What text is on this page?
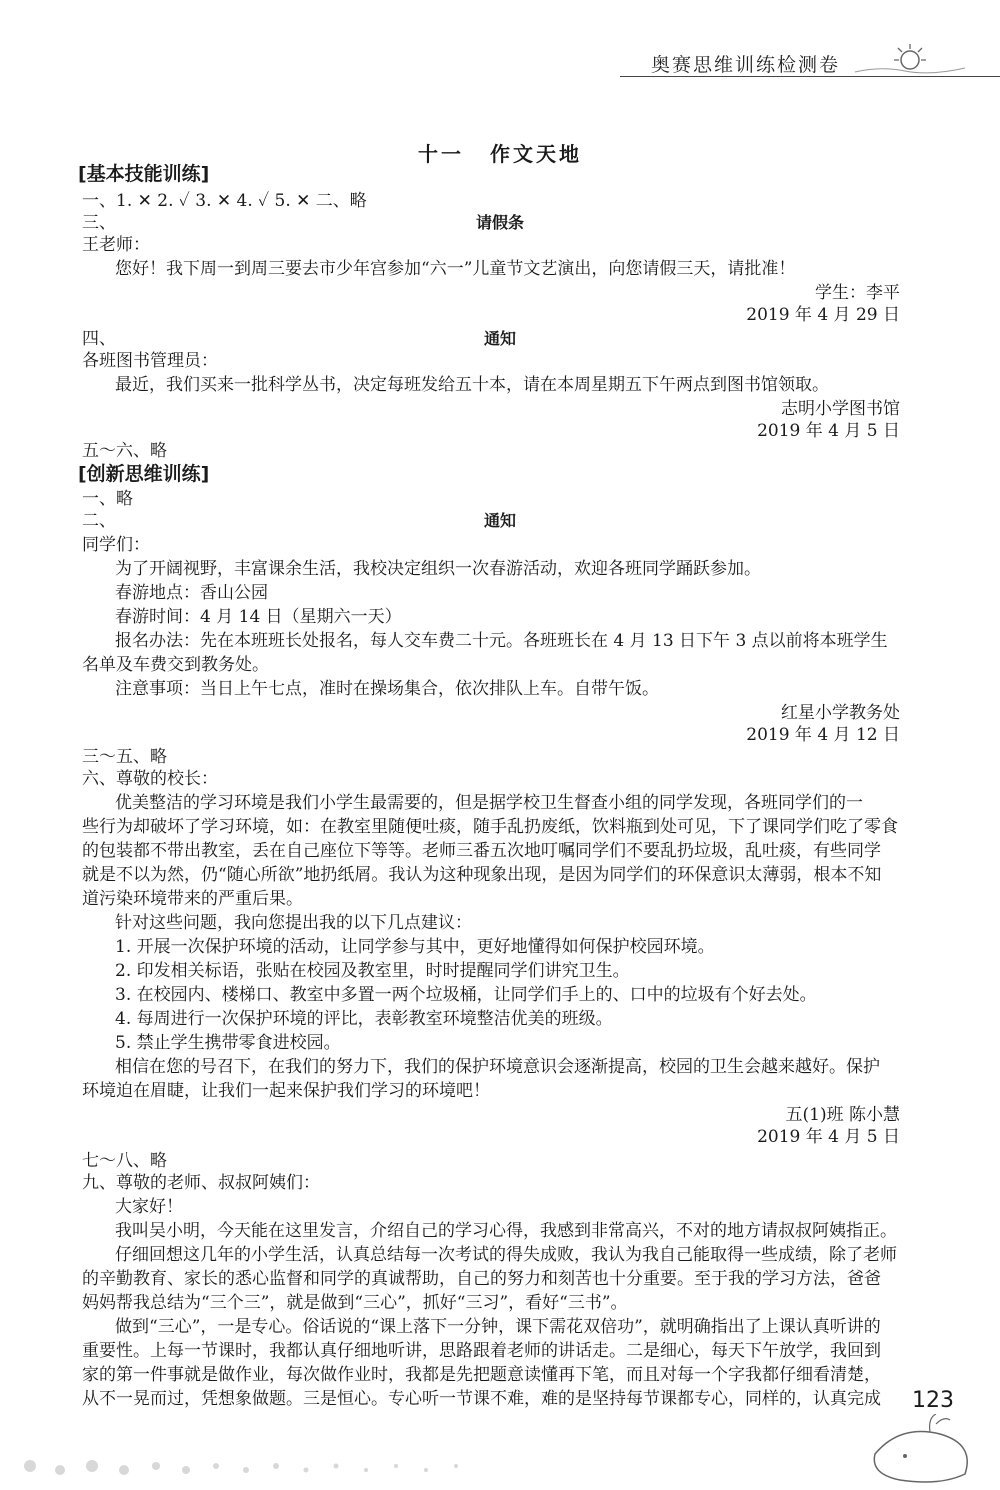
奥赛思维训练检测卷
十一 作文天地
[基本技能训练]
一、1. ✕ 2. ✓ 3. ✕ 4. ✓ 5. ✕ 二、略
三、	请假条
王老师：
您好！我下周一到周三要去市少年宫参加“六一”儿童节文艺演出，向您请假三天，请批准！
学生：李平
2019 年 4 月 29 日
四、	通知
各班图书管理员：
最近，我们买来一批科学丛书，决定每班发给五十本，请在本周星期五下午两点到图书馆领取。
志明小学图书馆
2019 年 4 月 5 日
五～六、略
[创新思维训练]
一、略
二、	通知
同学们：
为了开阔视野，丰富课余生活，我校决定组织一次春游活动，欢迎各班同学踊跃参加。
春游地点：香山公园
春游时间：4 月 14 日（星期六一天）
报名办法：先在本班班长处报名，每人交车费二十元。各班班长在 4 月 13 日下午 3 点以前将本班学生
名单及车费交到教务处。
注意事项：当日上午七点，准时在操场集合，依次排队上车。自带午饭。
红星小学教务处
2019 年 4 月 12 日
三～五、略
六、尊敬的校长：
优美整洁的学习环境是我们小学生最需要的，但是据学校卫生督查小组的同学发现，各班同学们的一
些行为却破坏了学习环境，如：在教室里随便吐痰，随手乱扔废纸，饮料瓶到处可见，下了课同学们吃了零食
的包装都不带出教室，丢在自己座位下等等。老师三番五次地叮嘱同学们不要乱扔垃圾，乱吐痰，有些同学
就是不以为然，仍“随心所欲”地扔纸屑。我认为这种现象出现，是因为同学们的环保意识太薄弱，根本不知
道污染环境带来的严重后果。
针对这些问题，我向您提出我的以下几点建议：
1. 开展一次保护环境的活动，让同学参与其中，更好地懂得如何保护校园环境。
2. 印发相关标语，张贴在校园及教室里，时时提醒同学们讲究卫生。
3. 在校园内、楼梯口、教室中多置一两个垃圾桶，让同学们手上的、口中的垃圾有个好去处。
4. 每周进行一次保护环境的评比，表彰教室环境整洁优美的班级。
5. 禁止学生携带零食进校园。
相信在您的号召下，在我们的努力下，我们的保护环境意识会逐渐提高，校园的卫生会越来越好。保护
环境迫在眉睫，让我们一起来保护我们学习的环境吧！
五(1)班 陈小慧
2019 年 4 月 5 日
七～八、略
九、尊敬的老师、叔叔阿姨们：
大家好！
我叫吴小明，今天能在这里发言，介绍自己的学习心得，我感到非常高兴，不对的地方请叔叔阿姨指正。
仔细回想这几年的小学生活，认真总结每一次考试的得失成败，我认为我自己能取得一些成绩，除了老师
的辛勤教育、家长的悉心监督和同学的真诚帮助，自己的努力和刻苦也十分重要。至于我的学习方法，爸爸
妈妈帮我总结为“三个三”，就是做到“三心”，抓好“三习”，看好“三书”。
做到“三心”，一是专心。俗话说的“课上落下一分钟，课下需花双倍功”，就明确指出了上课认真听讲的
重要性。上每一节课时，我都认真仔细地听讲，思路跟着老师的讲话走。二是细心，每天下午放学，我回到
家的第一件事就是做作业，每次做作业时，我都是先把题意读懂再下笔，而且对每一个字我都仔细看清楚，
从不一晃而过，凭想象做题。三是恒心。专心听一节课不难，难的是坚持每节课都专心，同样的，认真完成 123
